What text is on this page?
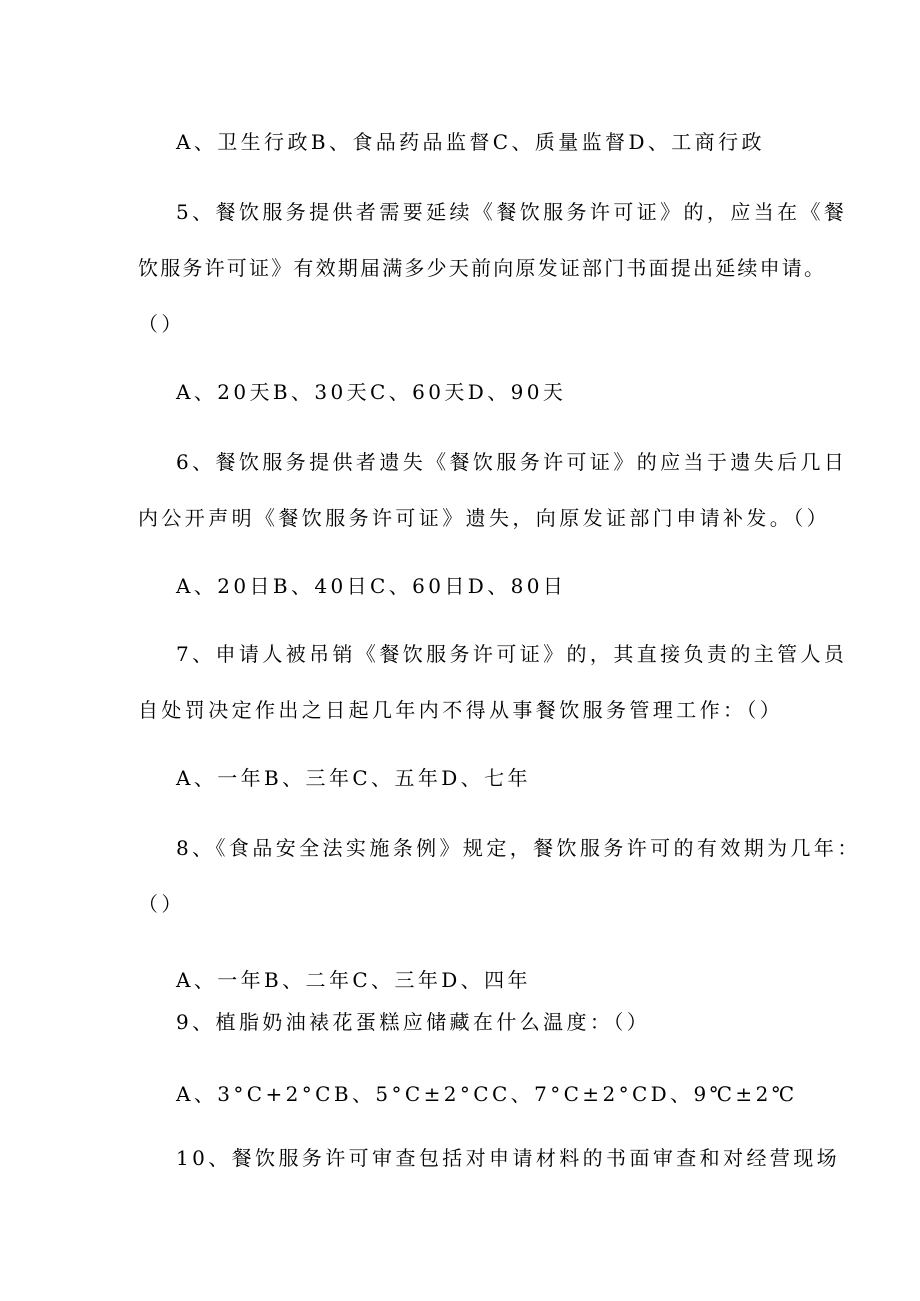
A、卫生行政B、食品药品监督C、质量监督D、工商行政
5、餐饮服务提供者需要延续《餐饮服务许可证》的，应当在《餐
饮服务许可证》有效期届满多少天前向原发证部门书面提出延续申请。
（）
A、20天B、30天C、60天D、90天
6、餐饮服务提供者遗失《餐饮服务许可证》的应当于遗失后几日
内公开声明《餐饮服务许可证》遗失，向原发证部门申请补发。（）
A、20日B、40日C、60日D、80日
7、申请人被吊销《餐饮服务许可证》的，其直接负责的主管人员
自处罚决定作出之日起几年内不得从事餐饮服务管理工作：（）
A、一年B、三年C、五年D、七年
8、《食品安全法实施条例》规定，餐饮服务许可的有效期为几年：
（）
A、一年B、二年C、三年D、四年
9、植脂奶油裱花蛋糕应储藏在什么温度：（）
A、3°C+2°CB、5°C±2°CC、7°C±2°CD、9℃±2℃
10、餐饮服务许可审查包括对申请材料的书面审查和对经营现场
